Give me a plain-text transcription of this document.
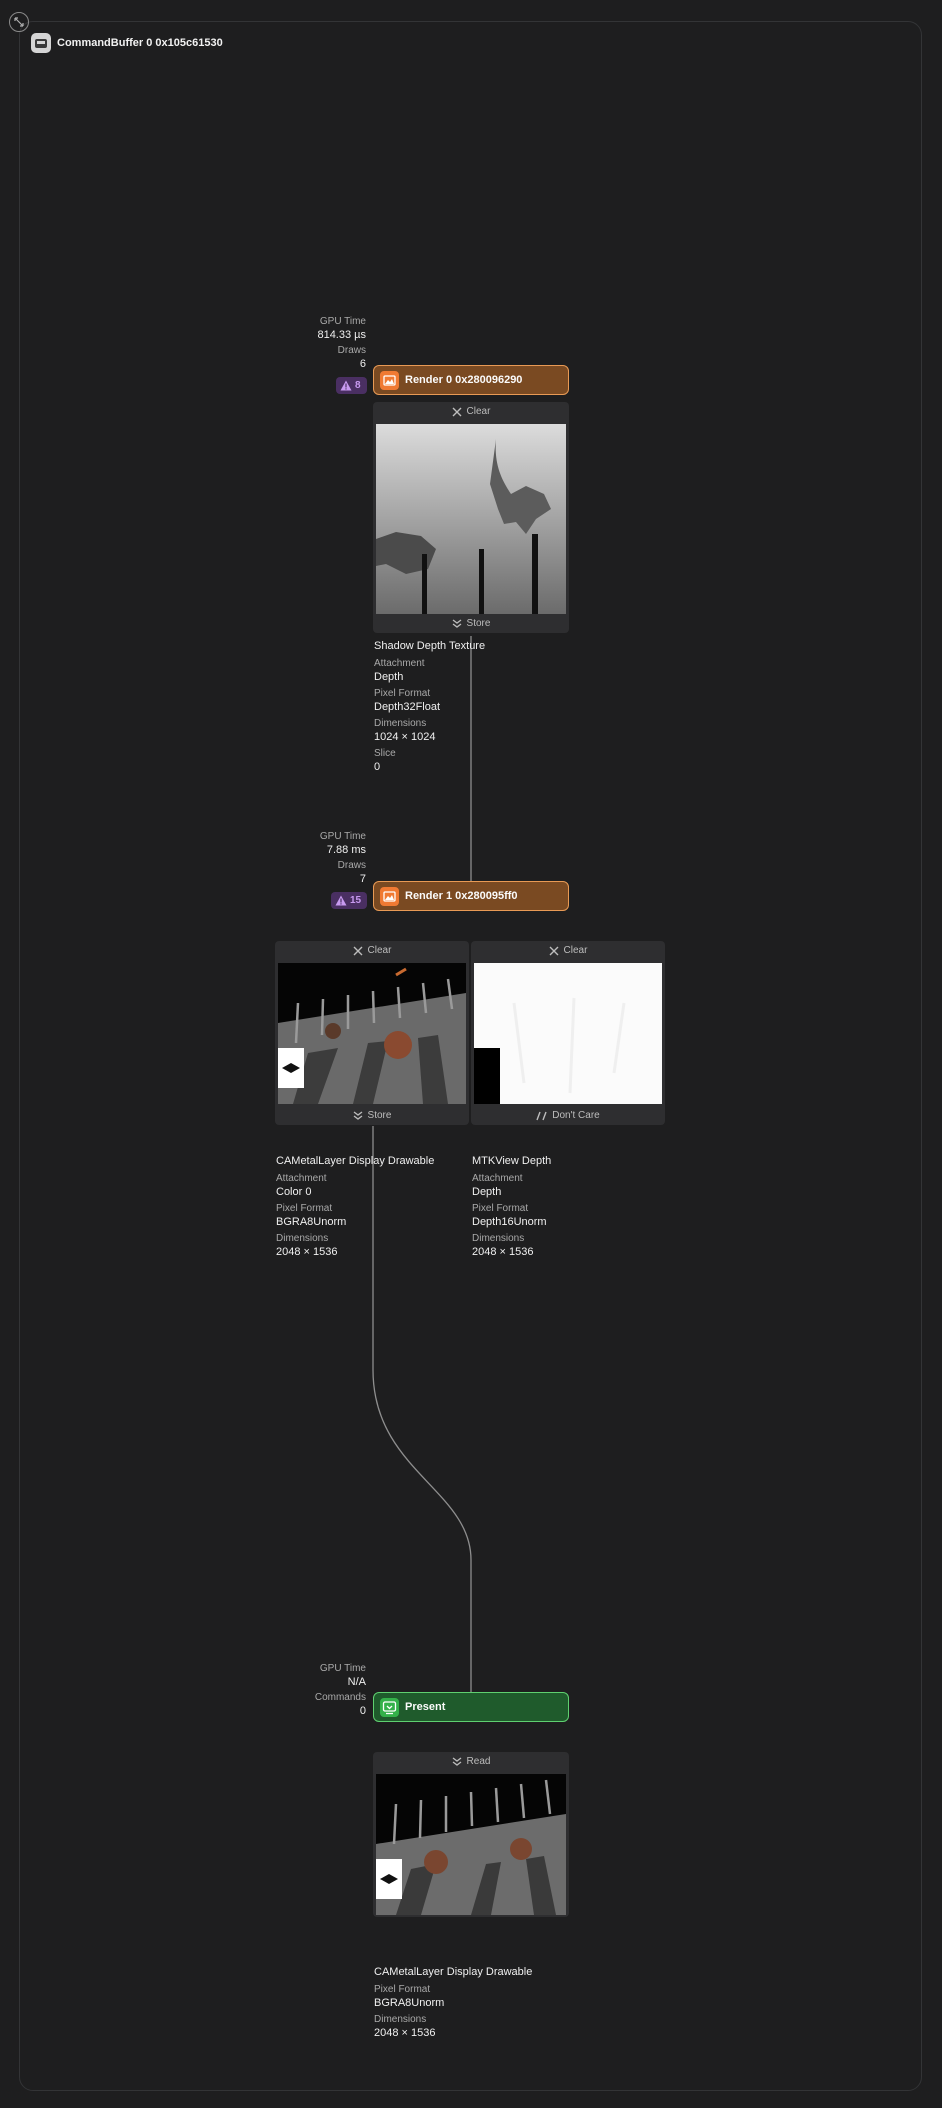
CommandBuffer 0 0x105c61530
GPU Time
814.33 µs
Draws
6
8	Render 0 0x280096290
Clear
Store
Shadow Depth Texture
Attachment
Depth
Pixel Format
Depth32Float
Dimensions
1024 × 1024
Slice
0
GPU Time
7.88 ms
Draws
7
15	Render 1 0x280095ff0
Clear
Store
Clear
Don't Care
CAMetalLayer Display Drawable
Attachment
Color 0
Pixel Format
BGRA8Unorm
Dimensions
2048 × 1536
MTKView Depth
Attachment
Depth
Pixel Format
Depth16Unorm
Dimensions
2048 × 1536
GPU Time
N/A
Commands
0	Present
Read
CAMetalLayer Display Drawable
Pixel Format
BGRA8Unorm
Dimensions
2048 × 1536
